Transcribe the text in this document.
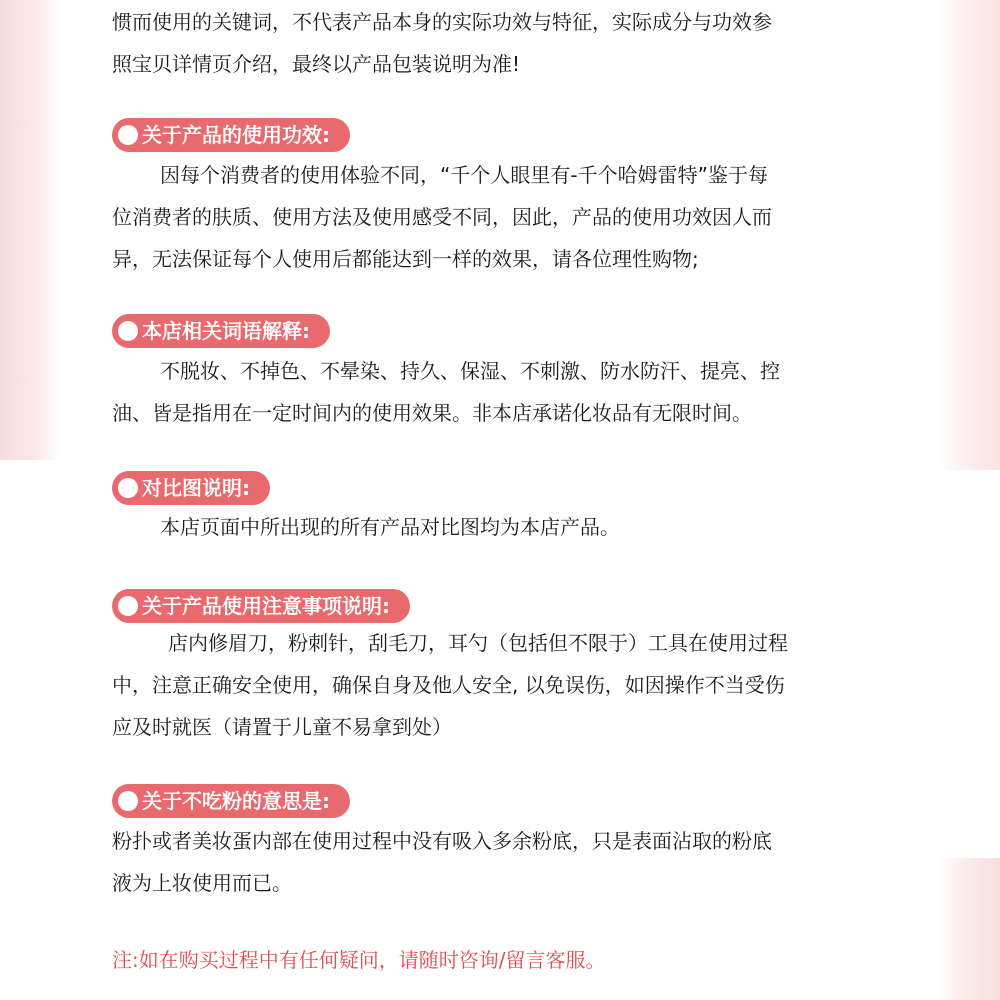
惯而使用的关键词，不代表产品本身的实际功效与特征，实际成分与功效参
照宝贝详情页介绍，最终以产品包装说明为准!
关于产品的使用功效:
因每个消费者的使用体验不同，“千个人眼里有-千个哈姆雷特”鉴于每
位消费者的肤质、使用方法及使用感受不同，因此，产品的使用功效因人而
异，无法保证每个人使用后都能达到一样的效果，请各位理性购物;
本店相关词语解释:
不脱妆、不掉色、不晕染、持久、保湿、不刺激、防水防汗、提亮、控
油、皆是指用在一定时间内的使用效果。非本店承诺化妆品有无限时间。
对比图说明:
本店页面中所出现的所有产品对比图均为本店产品。
关于产品使用注意事项说明:
店内修眉刀，粉刺针，刮毛刀，耳勺（包括但不限于）工具在使用过程
中，注意正确安全使用，确保自身及他人安全, 以免误伤，如因操作不当受伤
应及时就医（请置于儿童不易拿到处）
关于不吃粉的意思是:
粉扑或者美妆蛋内部在使用过程中没有吸入多余粉底，只是表面沾取的粉底
液为上妆使用而已。
注:如在购买过程中有任何疑问，请随时咨询/留言客服。
